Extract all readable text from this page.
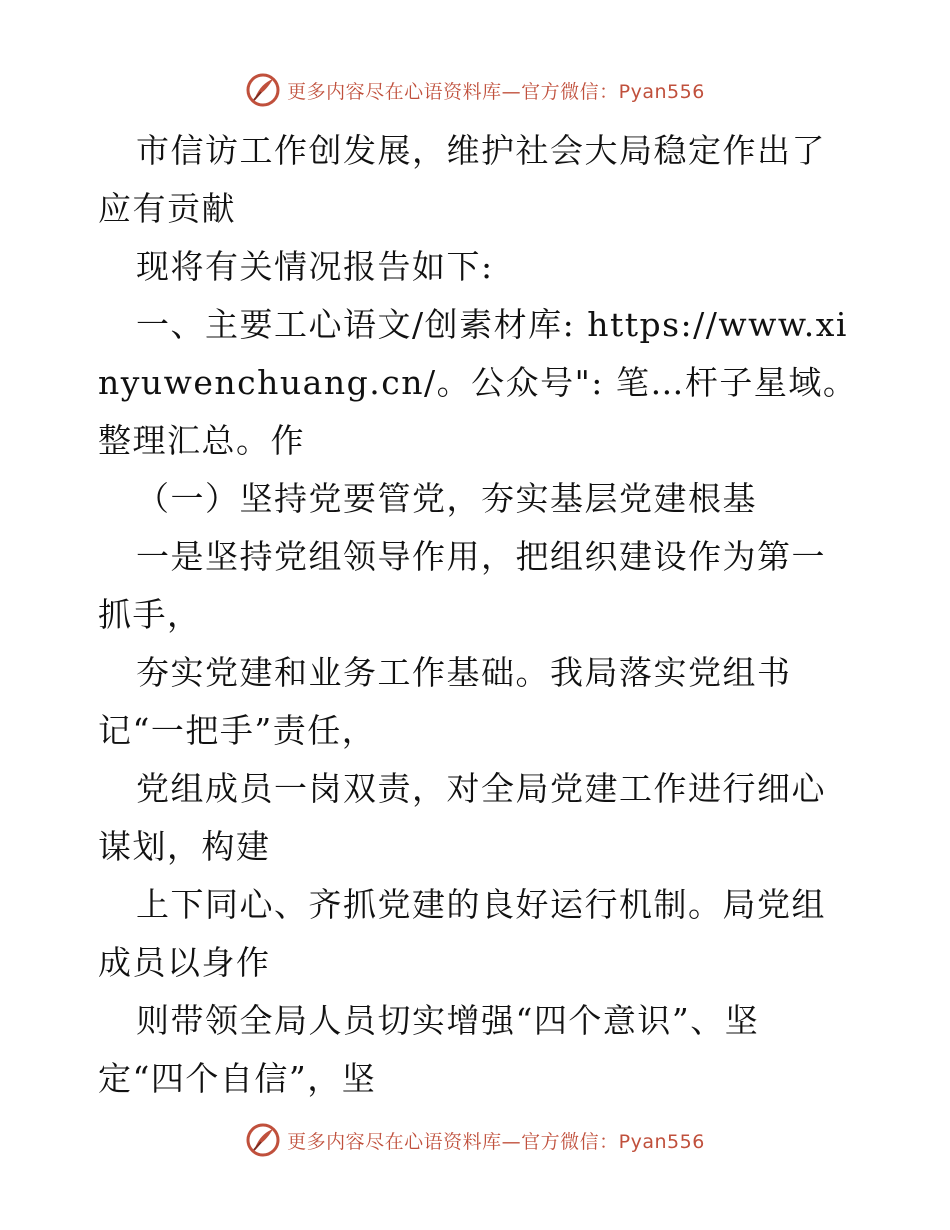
更多内容尽在心语资料库—官方微信：Pyan556

市信访工作创发展，维护社会大局稳定作出了应有贡献

现将有关情况报告如下:

一、主要工心语文/创素材库: https://www.xinyuwenchuang.cn/。公众号": 笔…杆子星域。整理汇总。作

（一）坚持党要管党，夯实基层党建根基

一是坚持党组领导作用，把组织建设作为第一抓手，

夯实党建和业务工作基础。我局落实党组书

记“一把手”责任，

党组成员一岗双责，对全局党建工作进行细心谋划，构建

上下同心、齐抓党建的良好运行机制。局党组成员以身作

则带领全局人员切实增强“四个意识”、坚

定“四个自信”，坚

更多内容尽在心语资料库—官方微信：Pyan556
